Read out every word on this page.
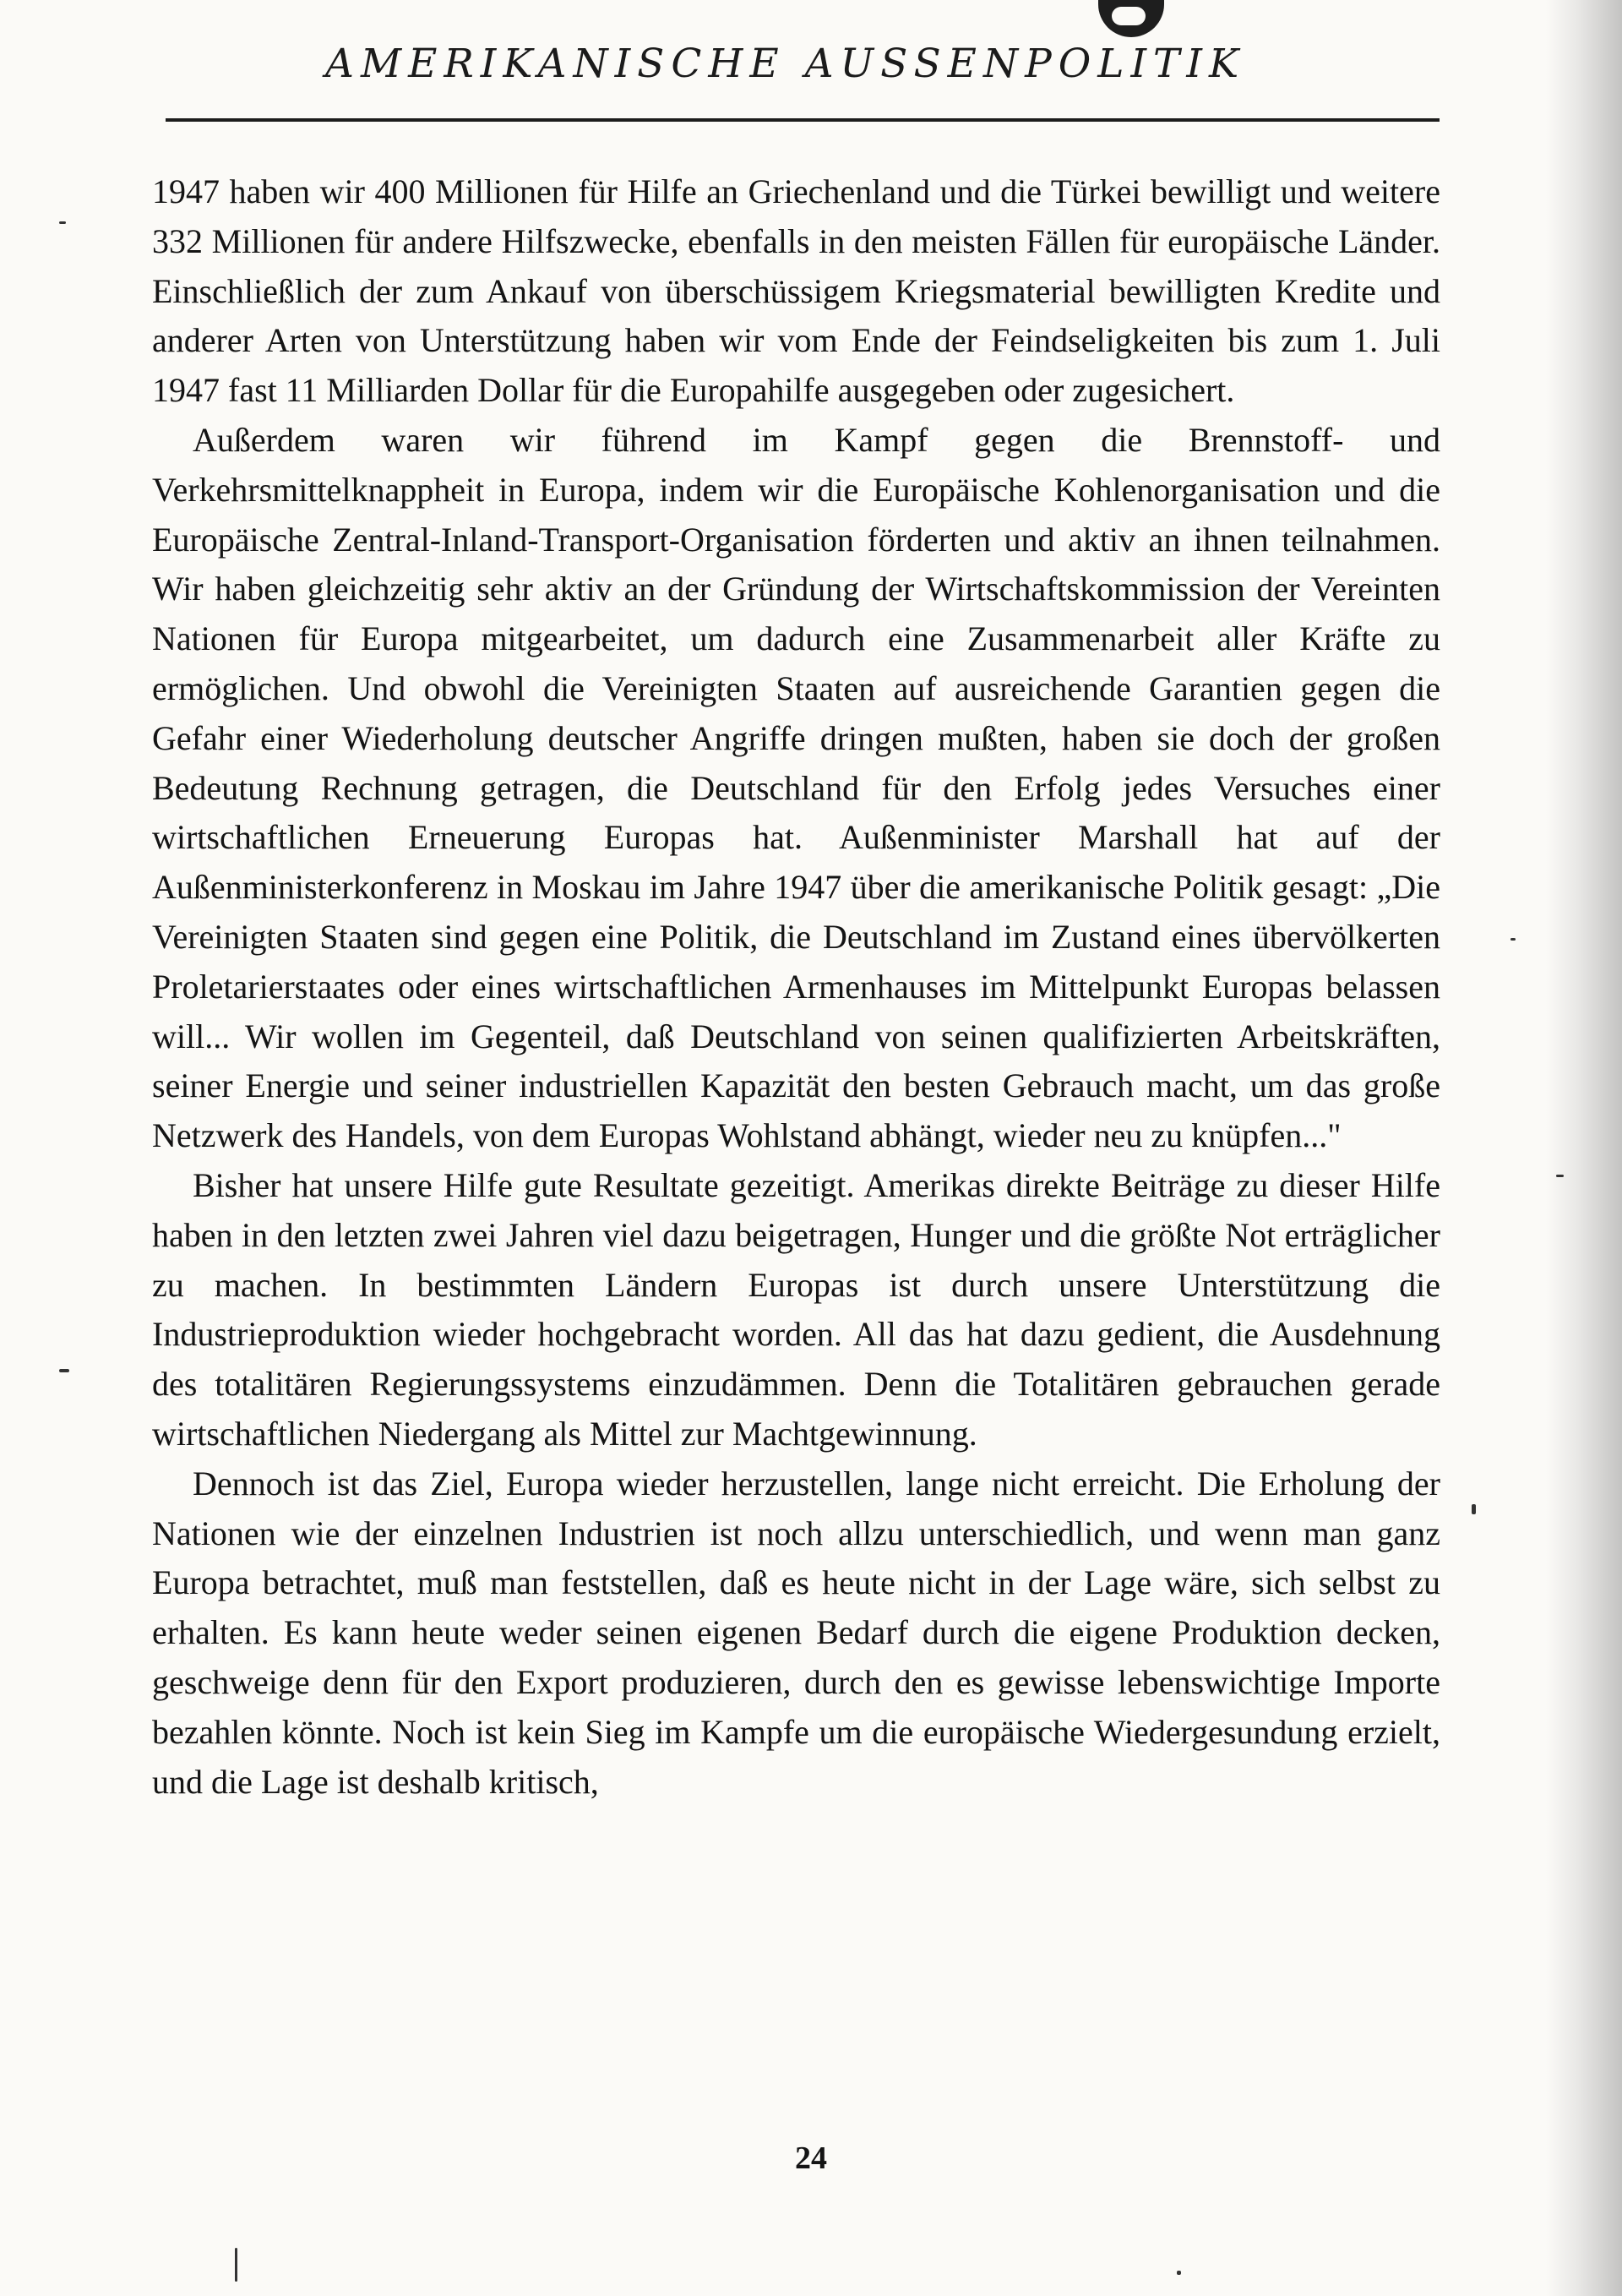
AMERIKANISCHE AUSSENPOLITIK

1947 haben wir 400 Millionen für Hilfe an Griechenland und die Türkei bewilligt und weitere 332 Millionen für andere Hilfszwecke, ebenfalls in den meisten Fällen für europäische Länder. Einschließlich der zum Ankauf von überschüssigem Kriegsmaterial bewilligten Kredite und anderer Arten von Unterstützung haben wir vom Ende der Feindseligkeiten bis zum 1. Juli 1947 fast 11 Milliarden Dollar für die Europahilfe ausgegeben oder zugesichert.

Außerdem waren wir führend im Kampf gegen die Brennstoff- und Verkehrsmittelknappheit in Europa, indem wir die Europäische Kohlenorganisation und die Europäische Zentral-Inland-Transport-Organisation förderten und aktiv an ihnen teilnahmen. Wir haben gleichzeitig sehr aktiv an der Gründung der Wirtschaftskommission der Vereinten Nationen für Europa mitgearbeitet, um dadurch eine Zusammenarbeit aller Kräfte zu ermöglichen. Und obwohl die Vereinigten Staaten auf ausreichende Garantien gegen die Gefahr einer Wiederholung deutscher Angriffe dringen mußten, haben sie doch der großen Bedeutung Rechnung getragen, die Deutschland für den Erfolg jedes Versuches einer wirtschaftlichen Erneuerung Europas hat. Außenminister Marshall hat auf der Außenministerkonferenz in Moskau im Jahre 1947 über die amerikanische Politik gesagt: „Die Vereinigten Staaten sind gegen eine Politik, die Deutschland im Zustand eines übervölkerten Proletarierstaates oder eines wirtschaftlichen Armenhauses im Mittelpunkt Europas belassen will... Wir wollen im Gegenteil, daß Deutschland von seinen qualifizierten Arbeitskräften, seiner Energie und seiner industriellen Kapazität den besten Gebrauch macht, um das große Netzwerk des Handels, von dem Europas Wohlstand abhängt, wieder neu zu knüpfen..."

Bisher hat unsere Hilfe gute Resultate gezeitigt. Amerikas direkte Beiträge zu dieser Hilfe haben in den letzten zwei Jahren viel dazu beigetragen, Hunger und die größte Not erträglicher zu machen. In bestimmten Ländern Europas ist durch unsere Unterstützung die Industrieproduktion wieder hochgebracht worden. All das hat dazu gedient, die Ausdehnung des totalitären Regierungssystems einzudämmen. Denn die Totalitären gebrauchen gerade wirtschaftlichen Niedergang als Mittel zur Machtgewinnung.

Dennoch ist das Ziel, Europa wieder herzustellen, lange nicht erreicht. Die Erholung der Nationen wie der einzelnen Industrien ist noch allzu unterschiedlich, und wenn man ganz Europa betrachtet, muß man feststellen, daß es heute nicht in der Lage wäre, sich selbst zu erhalten. Es kann heute weder seinen eigenen Bedarf durch die eigene Produktion decken, geschweige denn für den Export produzieren, durch den es gewisse lebenswichtige Importe bezahlen könnte. Noch ist kein Sieg im Kampfe um die europäische Wiedergesundung erzielt, und die Lage ist deshalb kritisch,

24
